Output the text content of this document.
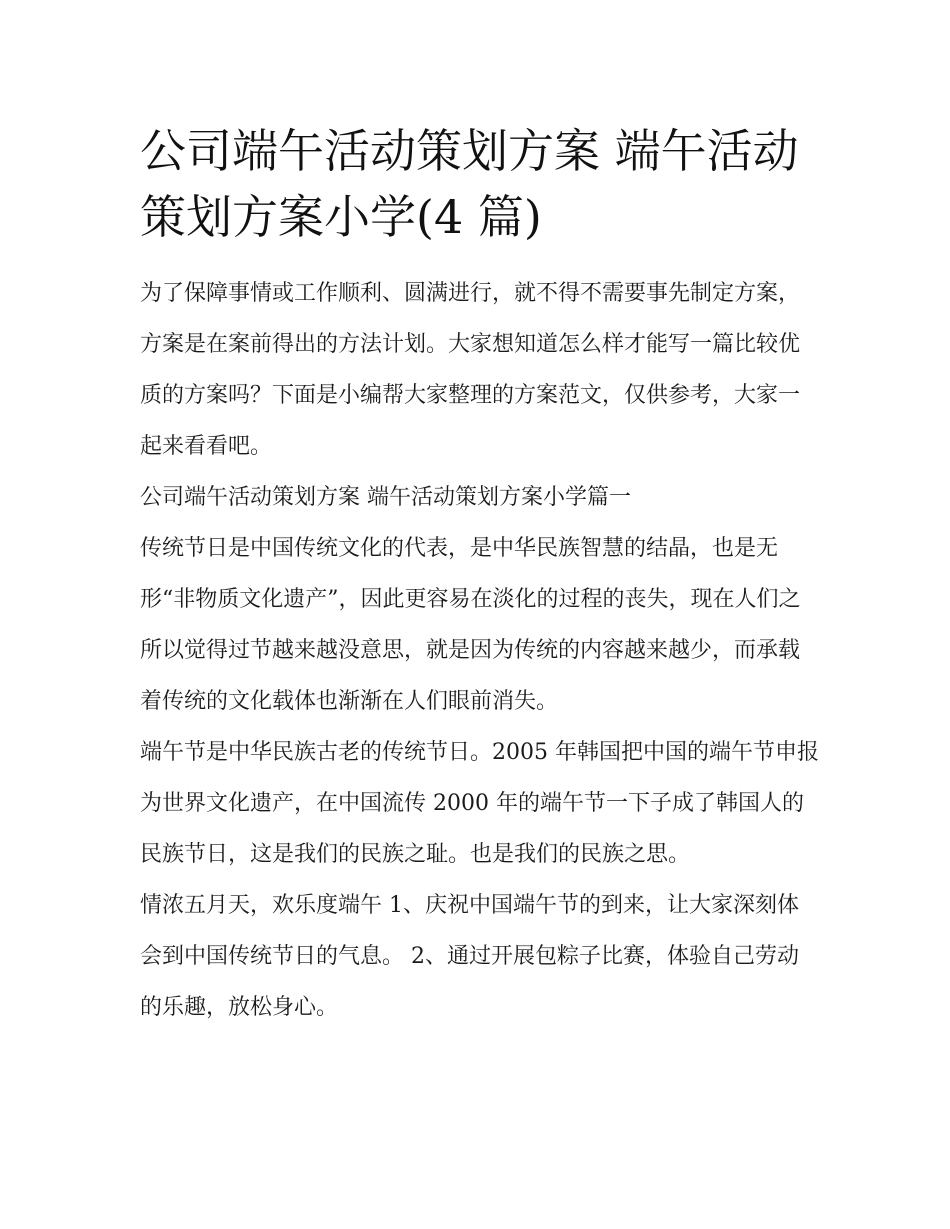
公司端午活动策划方案 端午活动策划方案小学(4 篇)

为了保障事情或工作顺利、圆满进行，就不得不需要事先制定方案，方案是在案前得出的方法计划。大家想知道怎么样才能写一篇比较优质的方案吗？下面是小编帮大家整理的方案范文，仅供参考，大家一起来看看吧。

公司端午活动策划方案 端午活动策划方案小学篇一

传统节日是中国传统文化的代表，是中华民族智慧的结晶，也是无形“非物质文化遗产”，因此更容易在淡化的过程的丧失，现在人们之所以觉得过节越来越没意思，就是因为传统的内容越来越少，而承载着传统的文化载体也渐渐在人们眼前消失。

端午节是中华民族古老的传统节日。2005 年韩国把中国的端午节申报为世界文化遗产，在中国流传 2000 年的端午节一下子成了韩国人的民族节日，这是我们的民族之耻。也是我们的民族之思。

情浓五月天，欢乐度端午 1、庆祝中国端午节的到来，让大家深刻体会到中国传统节日的气息。 2、通过开展包粽子比赛，体验自己劳动的乐趣，放松身心。
